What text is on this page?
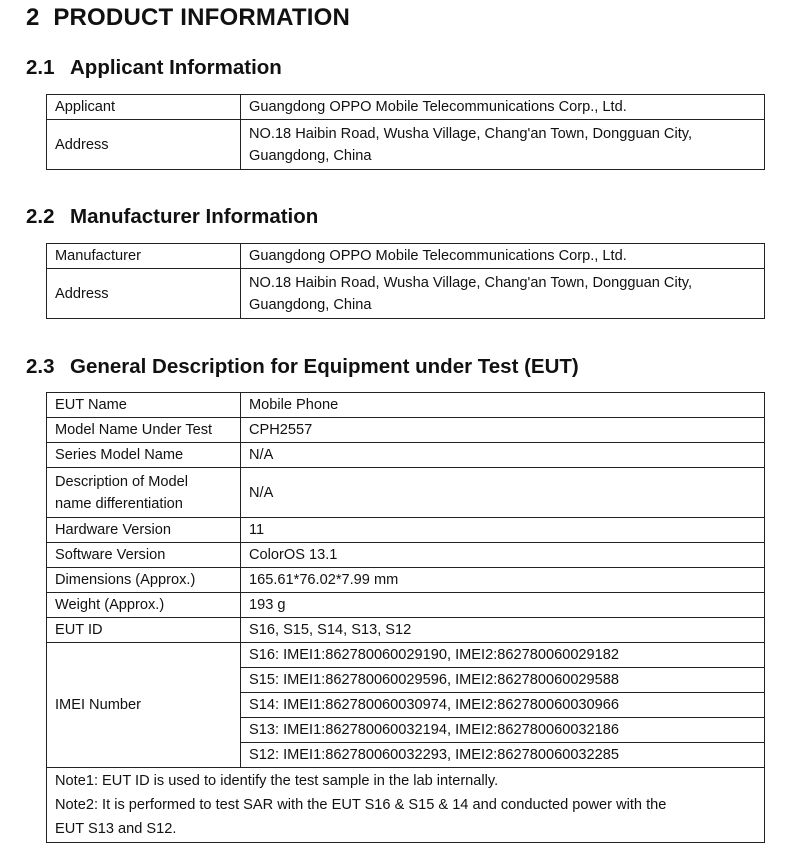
2 PRODUCT INFORMATION
2.1 Applicant Information
Applicant	Guangdong OPPO Mobile Telecommunications Corp., Ltd.
Address	NO.18 Haibin Road, Wusha Village, Chang'an Town, Dongguan City,
Guangdong, China
2.2 Manufacturer Information
Manufacturer	Guangdong OPPO Mobile Telecommunications Corp., Ltd.
Address	NO.18 Haibin Road, Wusha Village, Chang'an Town, Dongguan City,
Guangdong, China
2.3 General Description for Equipment under Test (EUT)
EUT Name	Mobile Phone
Model Name Under Test	CPH2557
Series Model Name	N/A

Description of Model
name differentiation	N/A
Hardware Version	11
Software Version	ColorOS 13.1
Dimensions (Approx.)	165.61*76.02*7.99 mm
Weight (Approx.)	193 g
EUT ID	S16, S15, S14, S13, S12
IMEI Number	S16: IMEI1:862780060029190, IMEI2:862780060029182
	S15: IMEI1:862780060029596, IMEI2:862780060029588
	S14: IMEI1:862780060030974, IMEI2:862780060030966
	S13: IMEI1:862780060032194, IMEI2:862780060032186
	S12: IMEI1:862780060032293, IMEI2:862780060032285

Note1: EUT ID is used to identify the test sample in the lab internally.
Note2: It is performed to test SAR with the EUT S16 & S15 & 14 and conducted power with the
EUT S13 and S12.	
